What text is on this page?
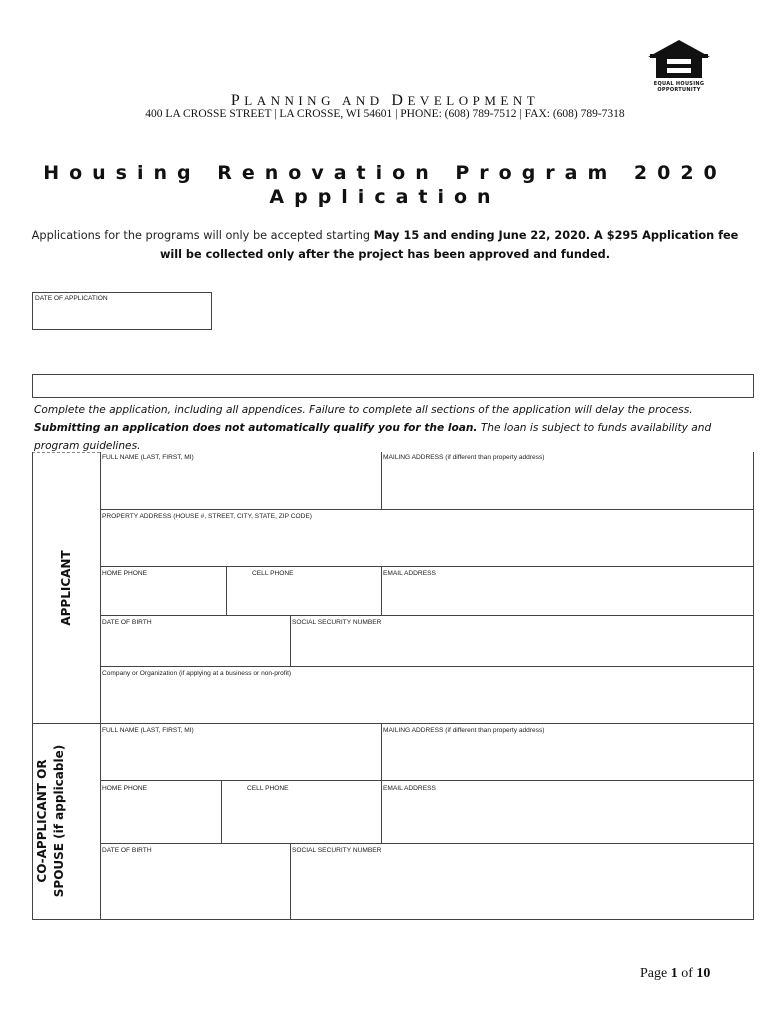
EQUAL HOUSING
OPPORTUNITY
PLANNING AND DEVELOPMENT
400 LA CROSSE STREET | LA CROSSE, WI 54601 | PHONE: (608) 789-7512 | FAX: (608) 789-7318
Housing Renovation Program 2020
Application
Applications for the programs will only be accepted starting May 15 and ending June 22, 2020. A $295 Application fee will be collected only after the project has been approved and funded.
DATE OF APPLICATION
Complete the application, including all appendices. Failure to complete all sections of the application will delay the process. Submitting an application does not automatically qualify you for the loan. The loan is subject to funds availability and program guidelines.
APPLICANT
FULL NAME (LAST, FIRST, MI)	MAILING ADDRESS (if different than property address)
PROPERTY ADDRESS (HOUSE #, STREET, CITY, STATE, ZIP CODE)
HOME PHONE	CELL PHONE	EMAIL ADDRESS
DATE OF BIRTH	SOCIAL SECURITY NUMBER
Company or Organization (if applying at a business or non-profit)
CO-APPLICANT OR SPOUSE (if applicable)
FULL NAME (LAST, FIRST, MI)	MAILING ADDRESS (if different than property address)
HOME PHONE	CELL PHONE	EMAIL ADDRESS
DATE OF BIRTH	SOCIAL SECURITY NUMBER
Page 1 of 10
